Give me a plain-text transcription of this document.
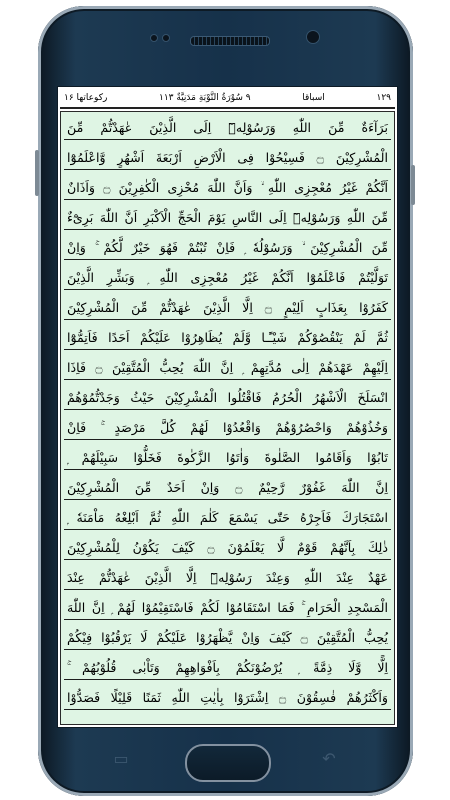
۱۲۹
اسباقا
۹ سُوْرَةُ التَّوْبَةِ مَدَنِيَّةٌ ۱۱۳
رکوعاتھا ۱۶
بَرَآءَةٌ مِّنَ اللّٰهِ وَرَسُوْلِهٖٓ اِلَى الَّذِيْنَ عٰهَدْتُّمْ مِّنَ
الْمُشْرِكِيْنَ ۝ فَسِيْحُوْا فِى الْاَرْضِ اَرْبَعَةَ اَشْهُرٍ وَّاعْلَمُوْٓا
اَنَّكُمْ غَيْرُ مُعْجِزِى اللّٰهِ ۙ وَاَنَّ اللّٰهَ مُخْزِى الْكٰفِرِيْنَ ۝ وَاَذَانٌ
مِّنَ اللّٰهِ وَرَسُوْلِهٖٓ اِلَى النَّاسِ يَوْمَ الْحَجِّ الْاَكْبَرِ اَنَّ اللّٰهَ بَرِیْٓءٌ
مِّنَ الْمُشْرِكِيْنَ ۙ وَرَسُوْلُهٗ ۭ فَاِنْ تُبْتُمْ فَهُوَ خَيْرٌ لَّكُمْ ۚ وَاِنْ
تَوَلَّيْتُمْ فَاعْلَمُوْٓا اَنَّكُمْ غَيْرُ مُعْجِزِى اللّٰهِ ۭ وَبَشِّرِ الَّذِيْنَ
كَفَرُوْا بِعَذَابٍ اَلِيْمٍ ۝ اِلَّا الَّذِيْنَ عٰهَدْتُّمْ مِّنَ الْمُشْرِكِيْنَ
ثُمَّ لَمْ يَنْقُصُوْكُمْ شَيْـًٔـا وَّلَمْ يُظَاهِرُوْا عَلَيْكُمْ اَحَدًا فَاَتِمُّوْٓا
اِلَيْهِمْ عَهْدَهُمْ اِلٰى مُدَّتِهِمْ ۭ اِنَّ اللّٰهَ يُحِبُّ الْمُتَّقِيْنَ ۝ فَاِذَا
انْسَلَخَ الْاَشْهُرُ الْحُرُمُ فَاقْتُلُوا الْمُشْرِكِيْنَ حَيْثُ وَجَدْتُّمُوْهُمْ
وَخُذُوْهُمْ وَاحْصُرُوْهُمْ وَاقْعُدُوْا لَهُمْ كُلَّ مَرْصَدٍ ۚ فَاِنْ
تَابُوْا وَاَقَامُوا الصَّلٰوةَ وَاٰتَوُا الزَّكٰوةَ فَخَلُّوْا سَبِيْلَهُمْ ۭ
اِنَّ اللّٰهَ غَفُوْرٌ رَّحِيْمٌ ۝ وَاِنْ اَحَدٌ مِّنَ الْمُشْرِكِيْنَ
اسْتَجَارَكَ فَاَجِرْهُ حَتّٰى يَسْمَعَ كَلٰمَ اللّٰهِ ثُمَّ اَبْلِغْهُ مَاْمَنَهٗ ۭ
ذٰلِكَ بِاَنَّهُمْ قَوْمٌ لَّا يَعْلَمُوْنَ ۝ كَيْفَ يَكُوْنُ لِلْمُشْرِكِيْنَ
عَهْدٌ عِنْدَ اللّٰهِ وَعِنْدَ رَسُوْلِهٖٓ اِلَّا الَّذِيْنَ عٰهَدْتُّمْ عِنْدَ
الْمَسْجِدِ الْحَرَامِ ۚ فَمَا اسْتَقَامُوْا لَكُمْ فَاسْتَقِيْمُوْا لَهُمْ ۭ اِنَّ اللّٰهَ
يُحِبُّ الْمُتَّقِيْنَ ۝ كَيْفَ وَاِنْ يَّظْهَرُوْا عَلَيْكُمْ لَا يَرْقُبُوْا فِيْكُمْ
اِلًّا وَّلَا ذِمَّةً ۭ يُرْضُوْنَكُمْ بِاَفْوَاهِهِمْ وَتَاْبٰى قُلُوْبُهُمْ ۚ
وَاَكْثَرُهُمْ فٰسِقُوْنَ ۝ اِشْتَرَوْا بِاٰيٰتِ اللّٰهِ ثَمَنًا قَلِيْلًا فَصَدُّوْا
▭	↶
